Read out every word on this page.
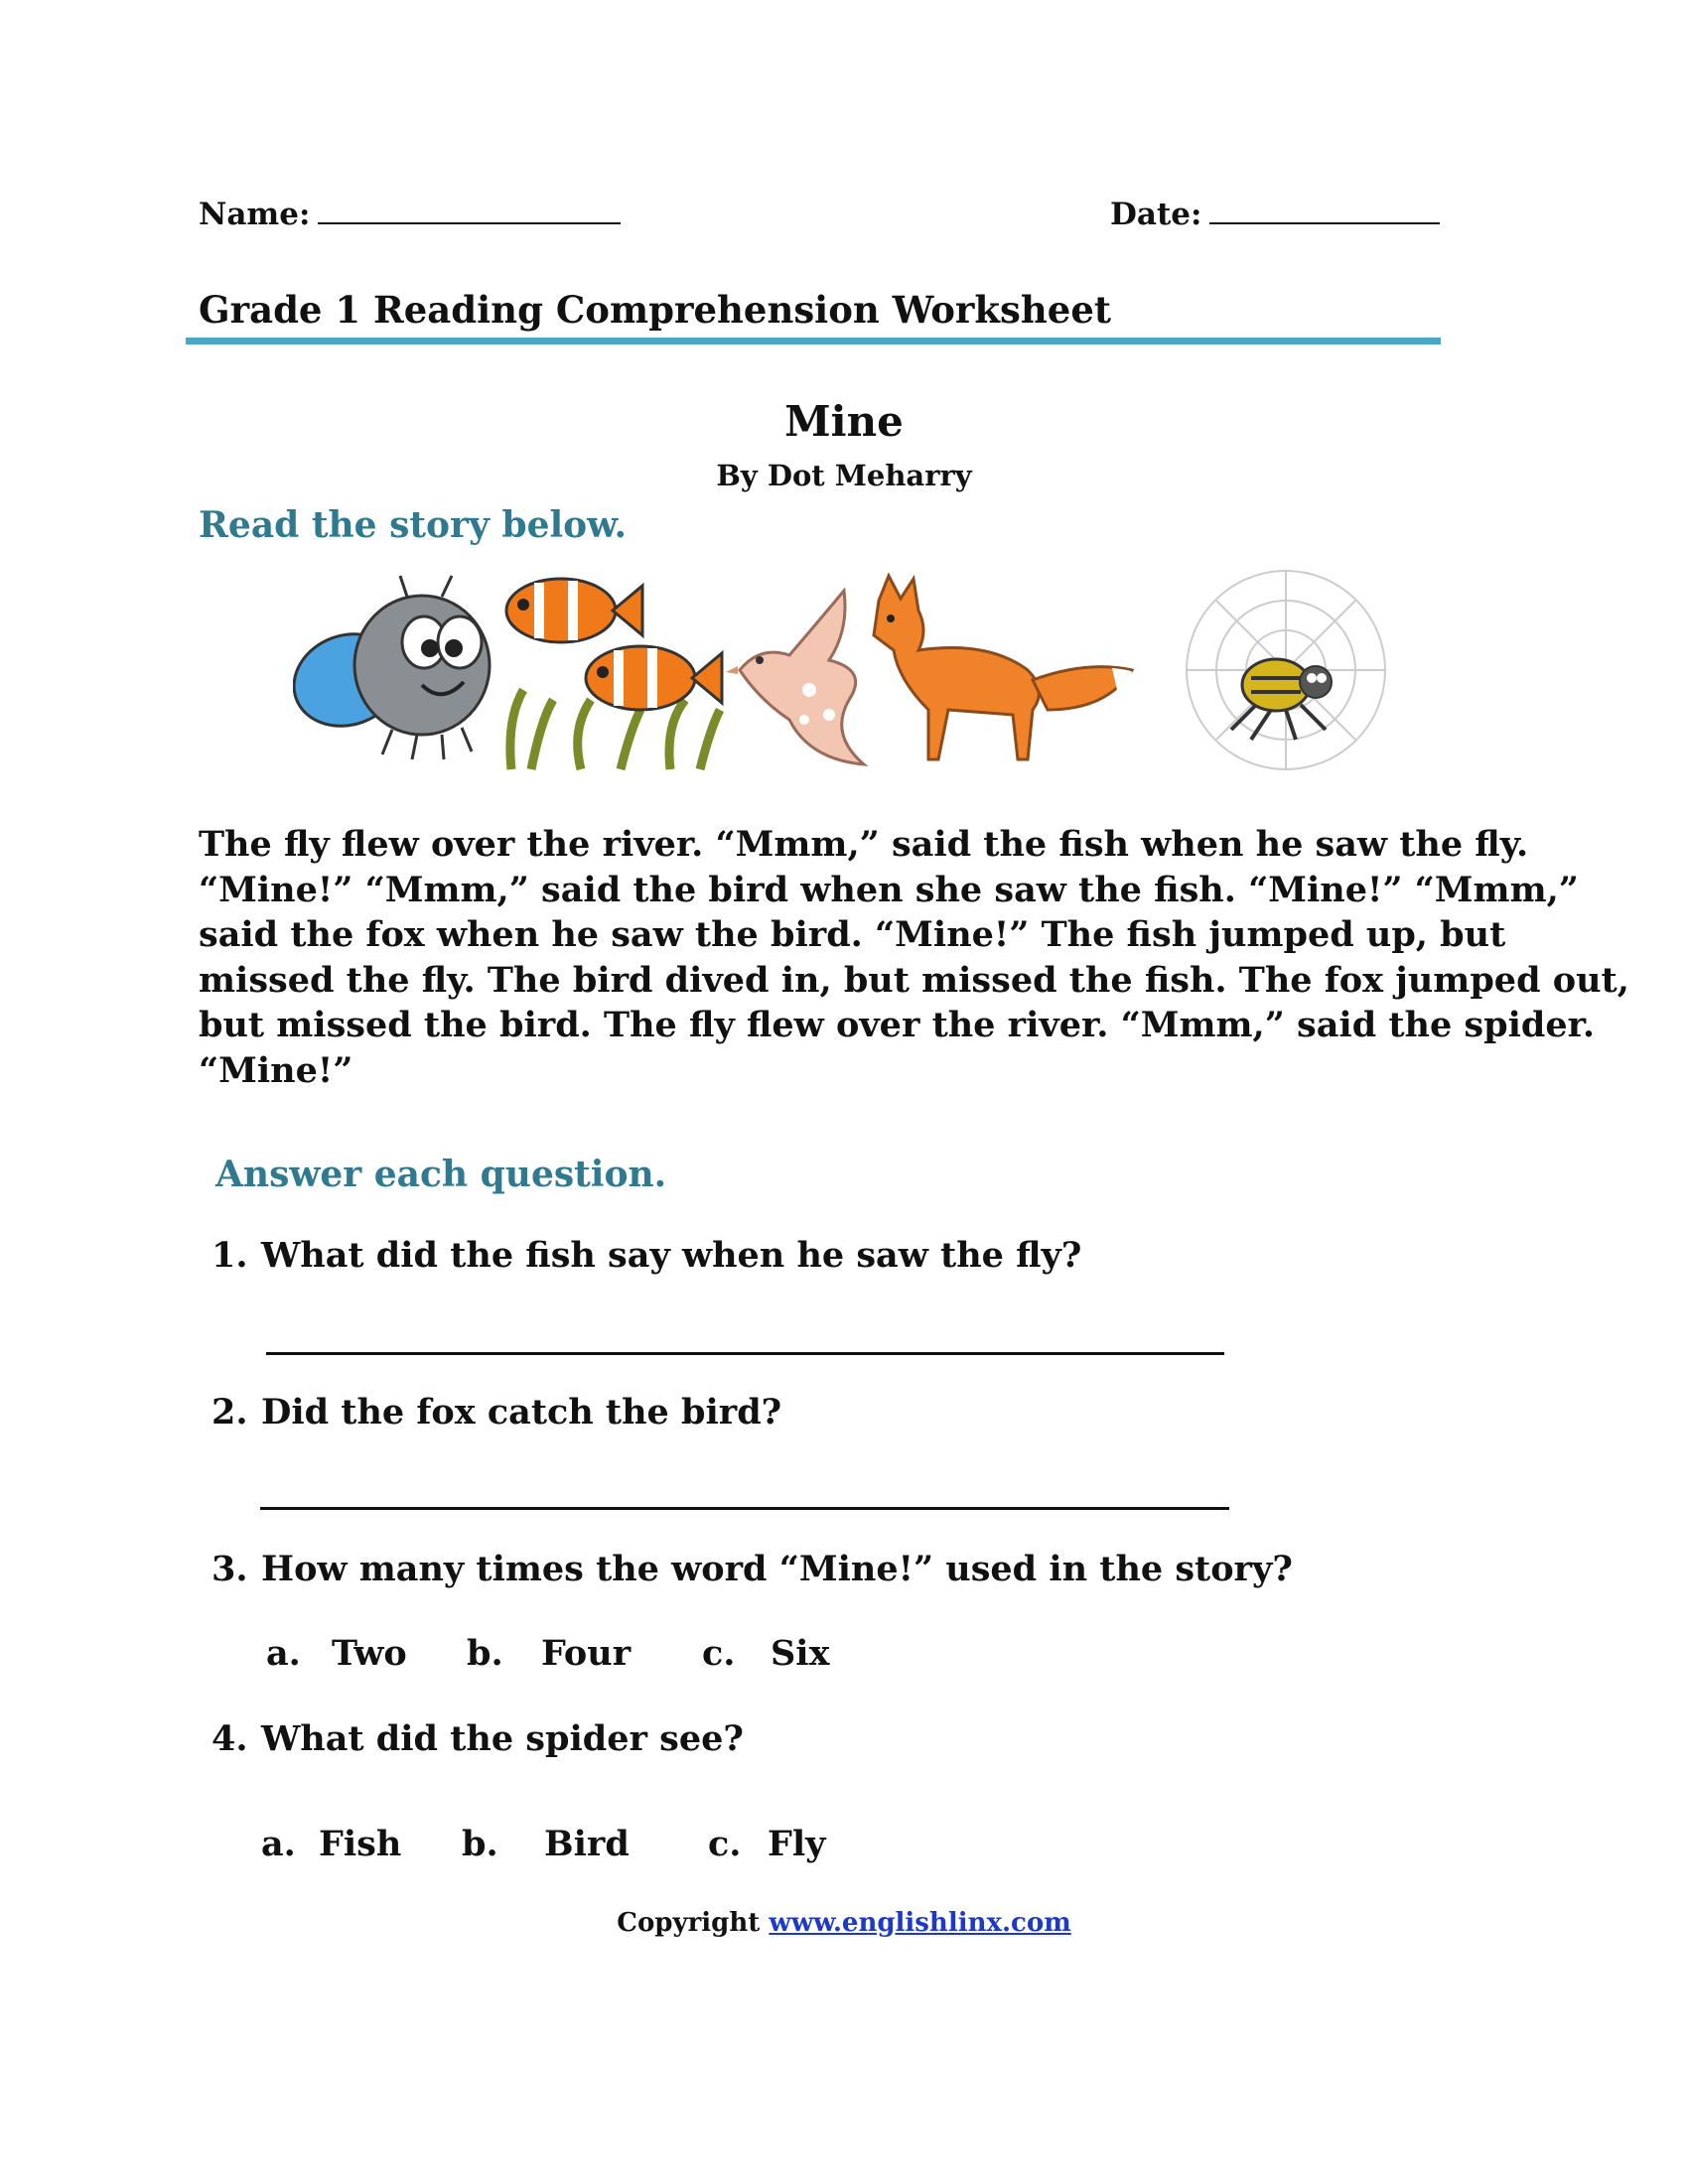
Name:	Date:
Grade 1 Reading Comprehension Worksheet
Mine
By Dot Meharry
Read the story below.
The fly flew over the river. “Mmm,” said the fish when he saw the fly.
“Mine!” “Mmm,” said the bird when she saw the fish. “Mine!” “Mmm,”
said the fox when he saw the bird. “Mine!” The fish jumped up, but
missed the fly. The bird dived in, but missed the fish. The fox jumped out,
but missed the bird. The fly flew over the river. “Mmm,” said the spider.
“Mine!”
Answer each question.
1. What did the fish say when he saw the fly?
2. Did the fox catch the bird?
3. How many times the word “Mine!” used in the story?
a. Two b. Four c. Six
4. What did the spider see?
a. Fish b. Bird c. Fly
Copyright www.englishlinx.com
